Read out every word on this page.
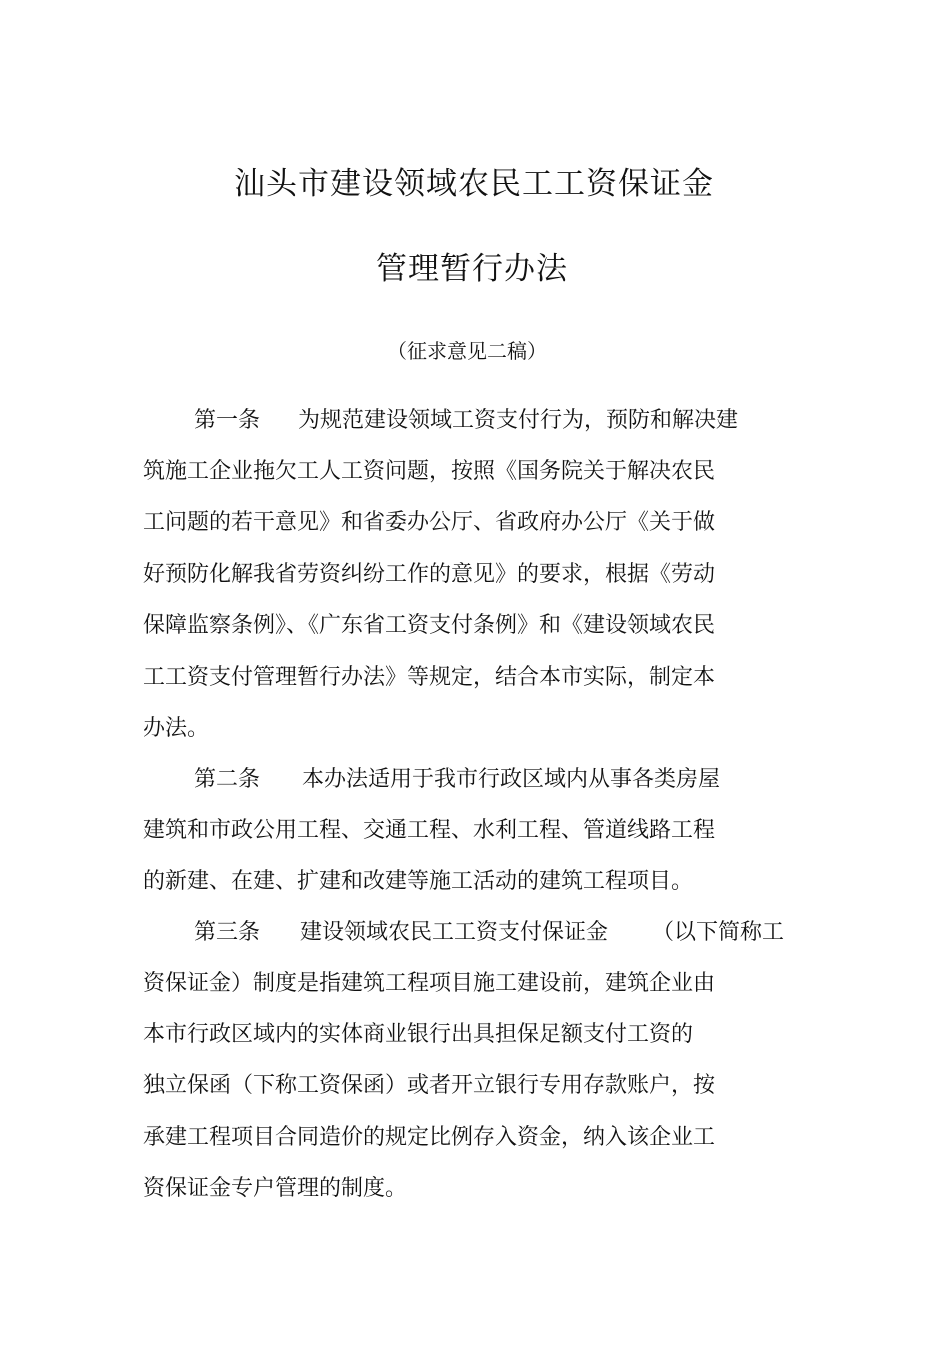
汕头市建设领域农民工工资保证金
管理暂行办法
（征求意见二稿）
第一条 为规范建设领域工资支付行为，预防和解决建
筑施工企业拖欠工人工资问题，按照《国务院关于解决农民
工问题的若干意见》和省委办公厅、省政府办公厅《关于做
好预防化解我省劳资纠纷工作的意见》的要求，根据《劳动
保障监察条例》、《广东省工资支付条例》和《建设领域农民
工工资支付管理暂行办法》等规定，结合本市实际，制定本
办法。
第二条 本办法适用于我市行政区域内从事各类房屋
建筑和市政公用工程、交通工程、水利工程、管道线路工程
的新建、在建、扩建和改建等施工活动的建筑工程项目。
第三条 建设领域农民工工资支付保证金 （以下简称工
资保证金）制度是指建筑工程项目施工建设前，建筑企业由
本市行政区域内的实体商业银行出具担保足额支付工资的
独立保函（下称工资保函）或者开立银行专用存款账户，按
承建工程项目合同造价的规定比例存入资金，纳入该企业工
资保证金专户管理的制度。
